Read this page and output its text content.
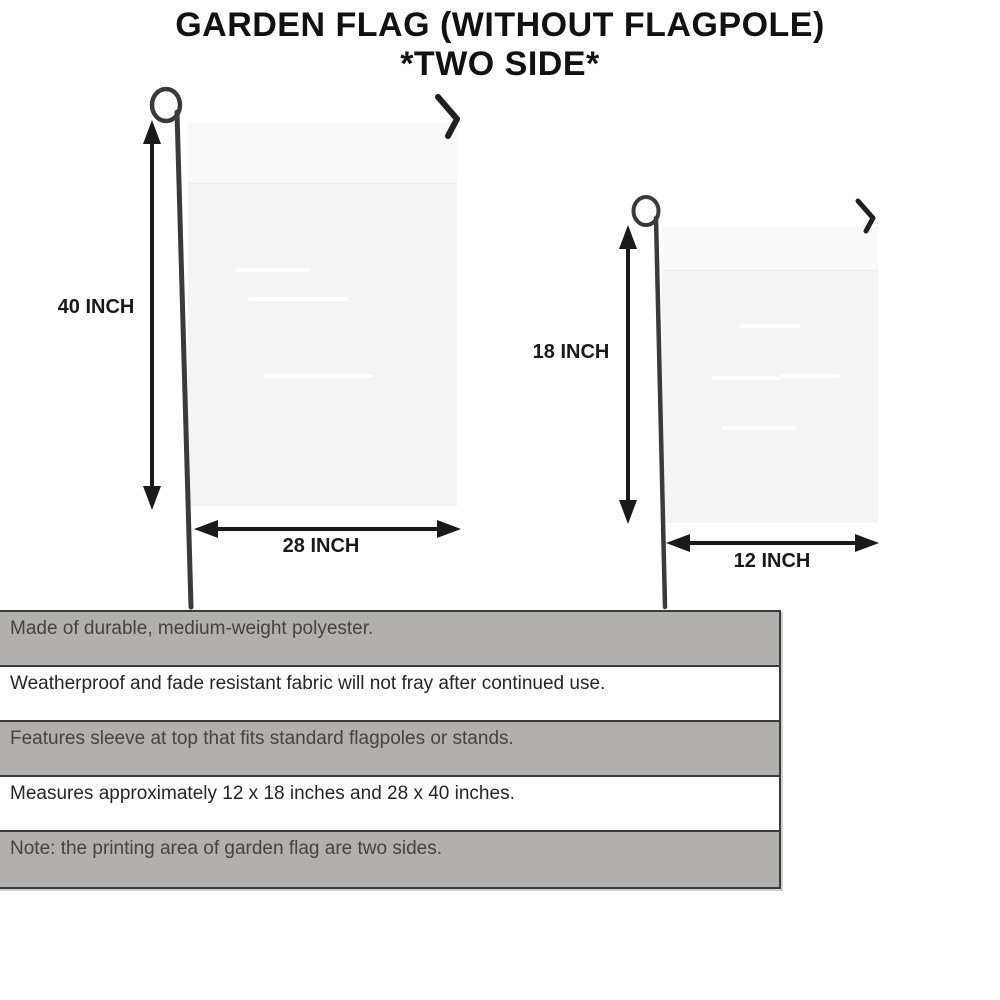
GARDEN FLAG (WITHOUT FLAGPOLE)
*TWO SIDE*
40 INCH
18 INCH
28 INCH
12 INCH
Made of durable, medium-weight polyester.
Weatherproof and fade resistant fabric will not fray after continued use.
Features sleeve at top that fits standard flagpoles or stands.
Measures approximately 12 x 18 inches and 28 x 40 inches.
Note: the printing area of garden flag are two sides.
